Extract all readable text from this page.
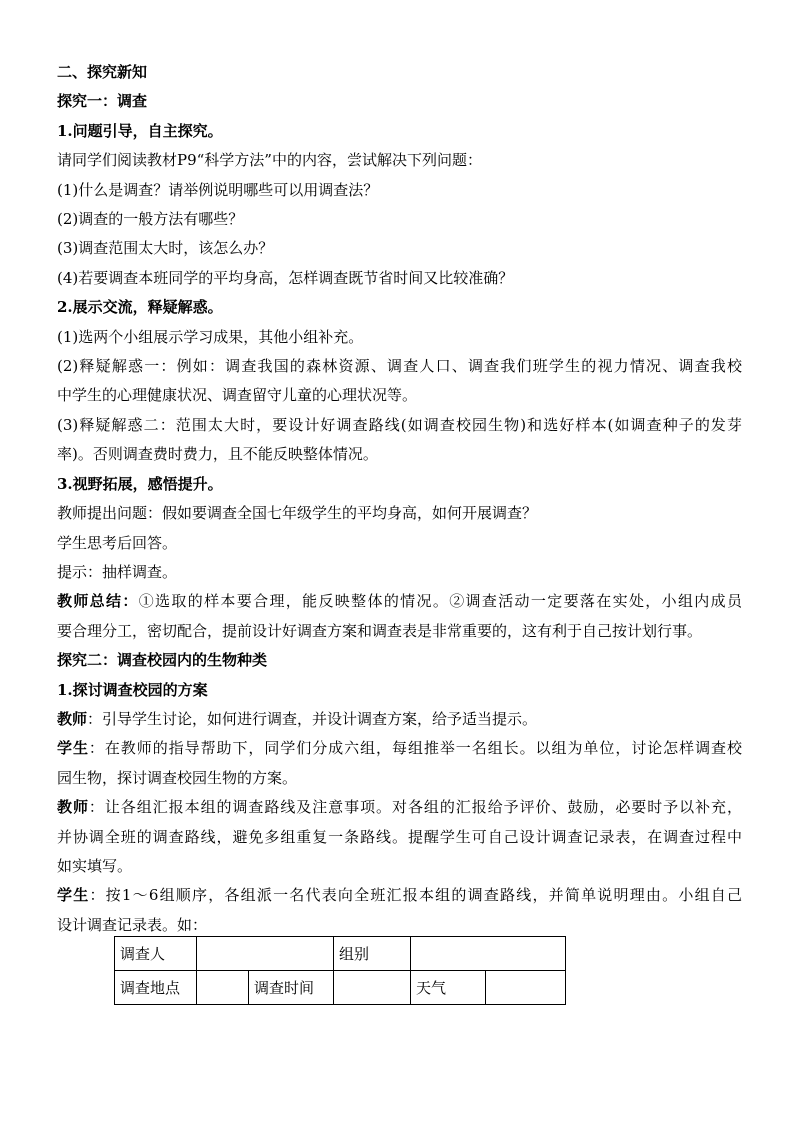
二、探究新知
探究一：调查
1.问题引导，自主探究。
请同学们阅读教材P9“科学方法”中的内容，尝试解决下列问题：
(1)什么是调查？请举例说明哪些可以用调查法？
(2)调查的一般方法有哪些？
(3)调查范围太大时，该怎么办？
(4)若要调查本班同学的平均身高，怎样调查既节省时间又比较准确？
2.展示交流，释疑解惑。
(1)选两个小组展示学习成果，其他小组补充。
(2)释疑解惑一：例如：调查我国的森林资源、调查人口、调查我们班学生的视力情况、调查我校
中学生的心理健康状况、调查留守儿童的心理状况等。
(3)释疑解惑二：范围太大时，要设计好调查路线(如调查校园生物)和选好样本(如调查种子的发芽
率)。否则调查费时费力，且不能反映整体情况。
3.视野拓展，感悟提升。
教师提出问题：假如要调查全国七年级学生的平均身高，如何开展调查？
学生思考后回答。
提示：抽样调查。
教师总结：①选取的样本要合理，能反映整体的情况。②调查活动一定要落在实处，小组内成员
要合理分工，密切配合，提前设计好调查方案和调查表是非常重要的，这有利于自己按计划行事。
探究二：调查校园内的生物种类
1.探讨调查校园的方案
教师：引导学生讨论，如何进行调查，并设计调查方案，给予适当提示。
学生：在教师的指导帮助下，同学们分成六组，每组推举一名组长。以组为单位，讨论怎样调查校
园生物，探讨调查校园生物的方案。
教师：让各组汇报本组的调查路线及注意事项。对各组的汇报给予评价、鼓励，必要时予以补充，
并协调全班的调查路线，避免多组重复一条路线。提醒学生可自己设计调查记录表，在调查过程中
如实填写。
学生：按1～6组顺序，各组派一名代表向全班汇报本组的调查路线，并简单说明理由。小组自己
设计调查记录表。如：
调查人			组别		
调查地点		调查时间		天气	
